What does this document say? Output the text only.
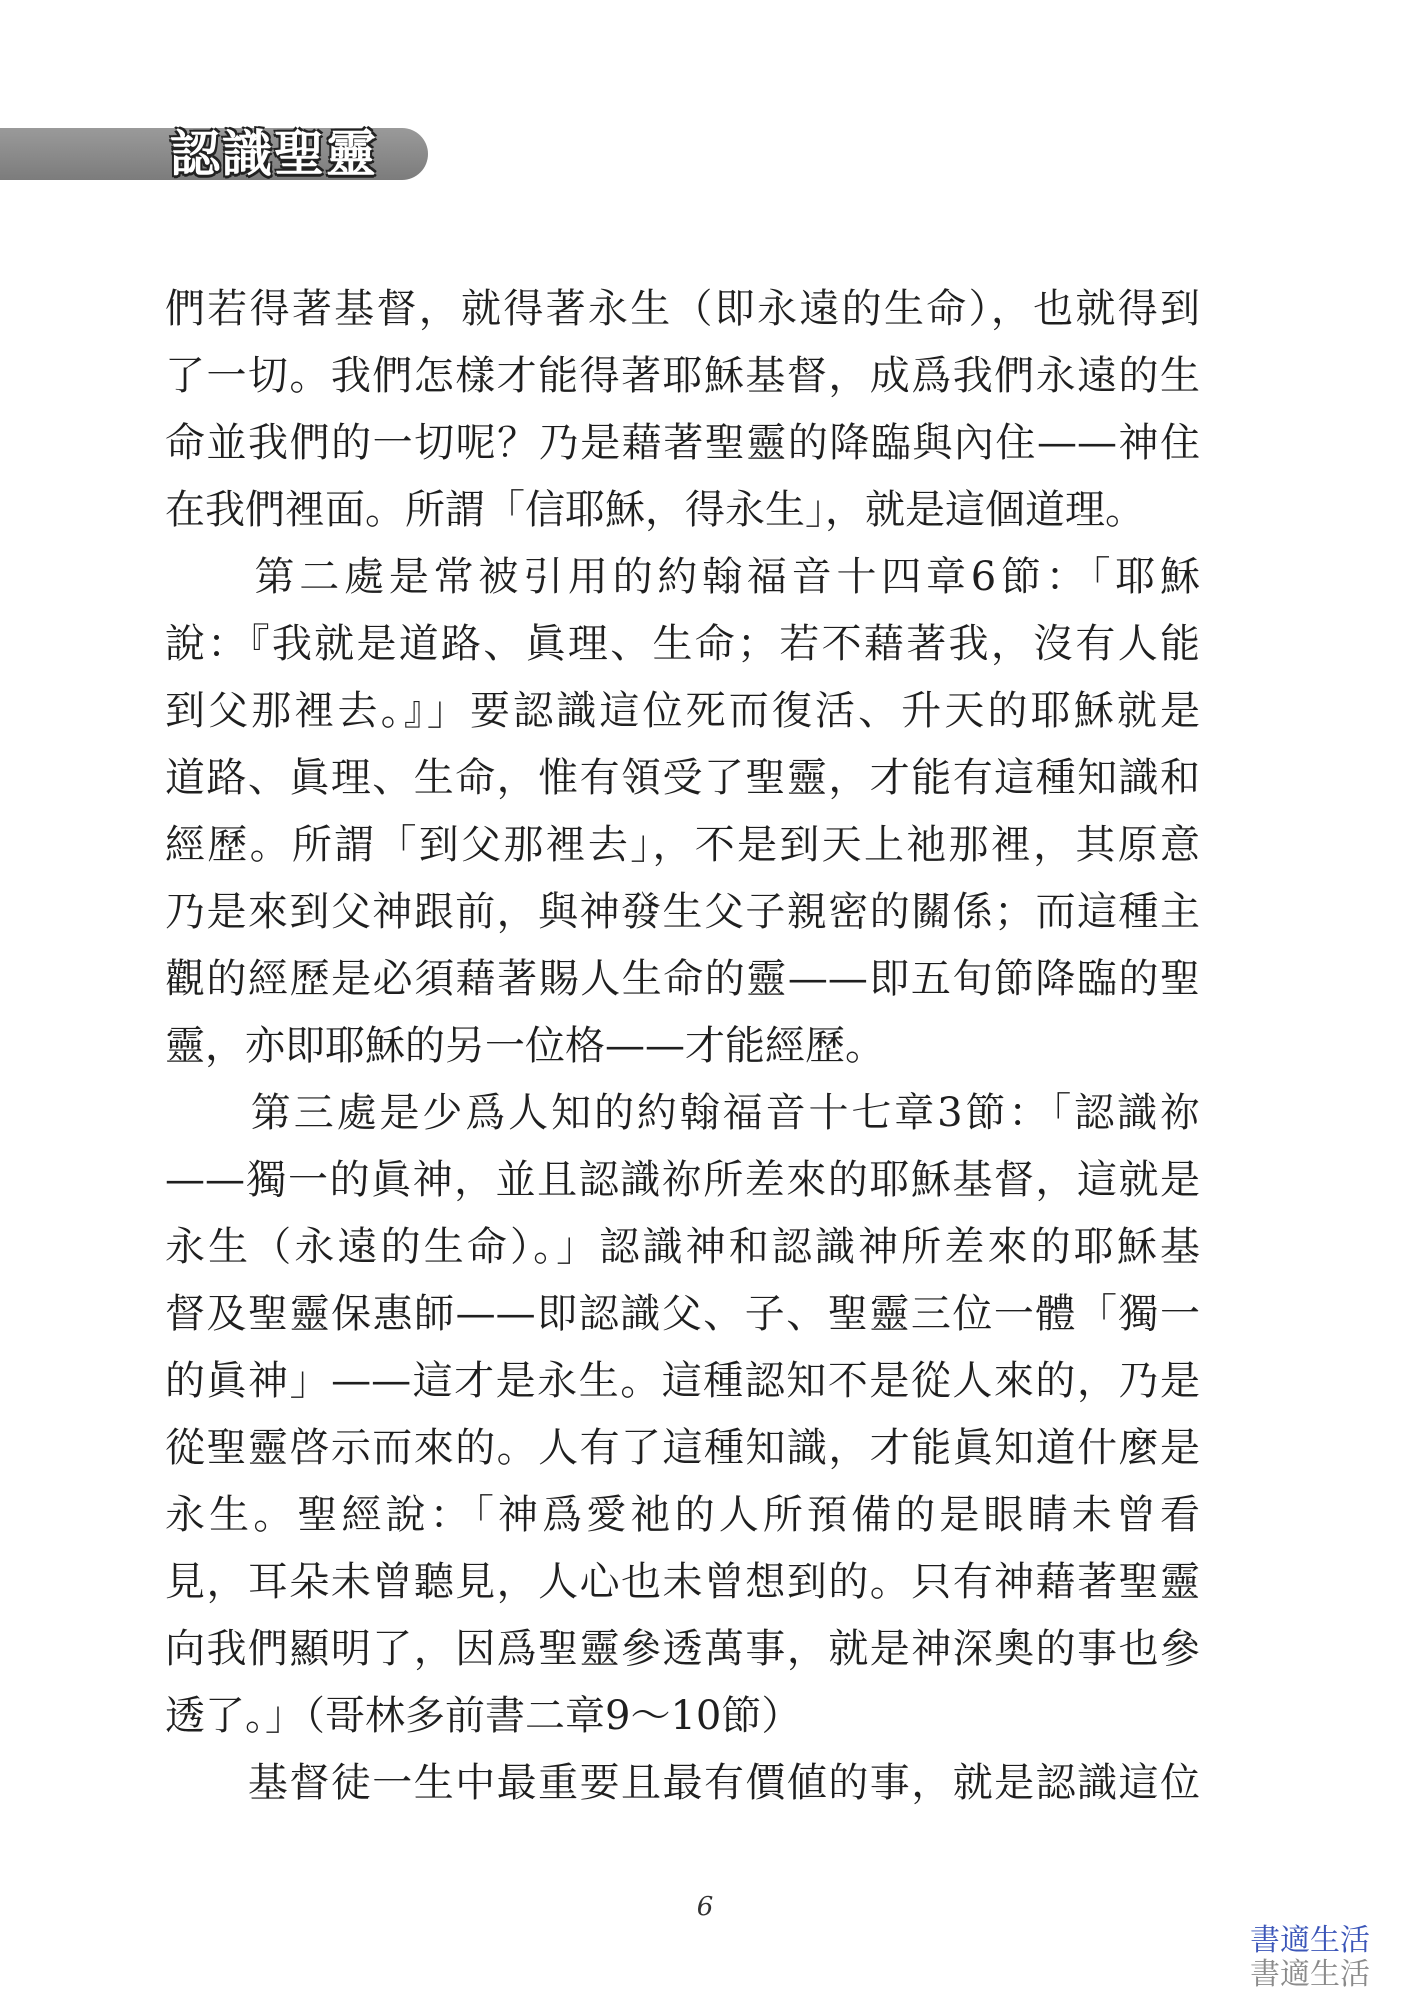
認識聖靈
們若得著基督，就得著永生（即永遠的生命），也就得到
了一切。我們怎樣才能得著耶穌基督，成爲我們永遠的生
命並我們的一切呢？乃是藉著聖靈的降臨與內住——神住
在我們裡面。所謂「信耶穌，得永生」，就是這個道理。
　　第二處是常被引用的約翰福音十四章6節：「耶穌
說：『我就是道路、眞理、生命；若不藉著我，沒有人能
到父那裡去。』」要認識這位死而復活、升天的耶穌就是
道路、眞理、生命，惟有領受了聖靈，才能有這種知識和
經歷。所謂「到父那裡去」，不是到天上祂那裡，其原意
乃是來到父神跟前，與神發生父子親密的關係；而這種主
觀的經歷是必須藉著賜人生命的靈——即五旬節降臨的聖
靈，亦即耶穌的另一位格——才能經歷。
　　第三處是少爲人知的約翰福音十七章3節：「認識祢
——獨一的眞神，並且認識祢所差來的耶穌基督，這就是
永生（永遠的生命）。」認識神和認識神所差來的耶穌基
督及聖靈保惠師——即認識父、子、聖靈三位一體「獨一
的眞神」——這才是永生。這種認知不是從人來的，乃是
從聖靈啓示而來的。人有了這種知識，才能眞知道什麼是
永生。聖經說：「神爲愛祂的人所預備的是眼睛未曾看
見，耳朵未曾聽見，人心也未曾想到的。只有神藉著聖靈
向我們顯明了，因爲聖靈參透萬事，就是神深奧的事也參
透了。」（哥林多前書二章9～10節）
　　基督徒一生中最重要且最有價値的事，就是認識這位
6
書適生活
書適生活
